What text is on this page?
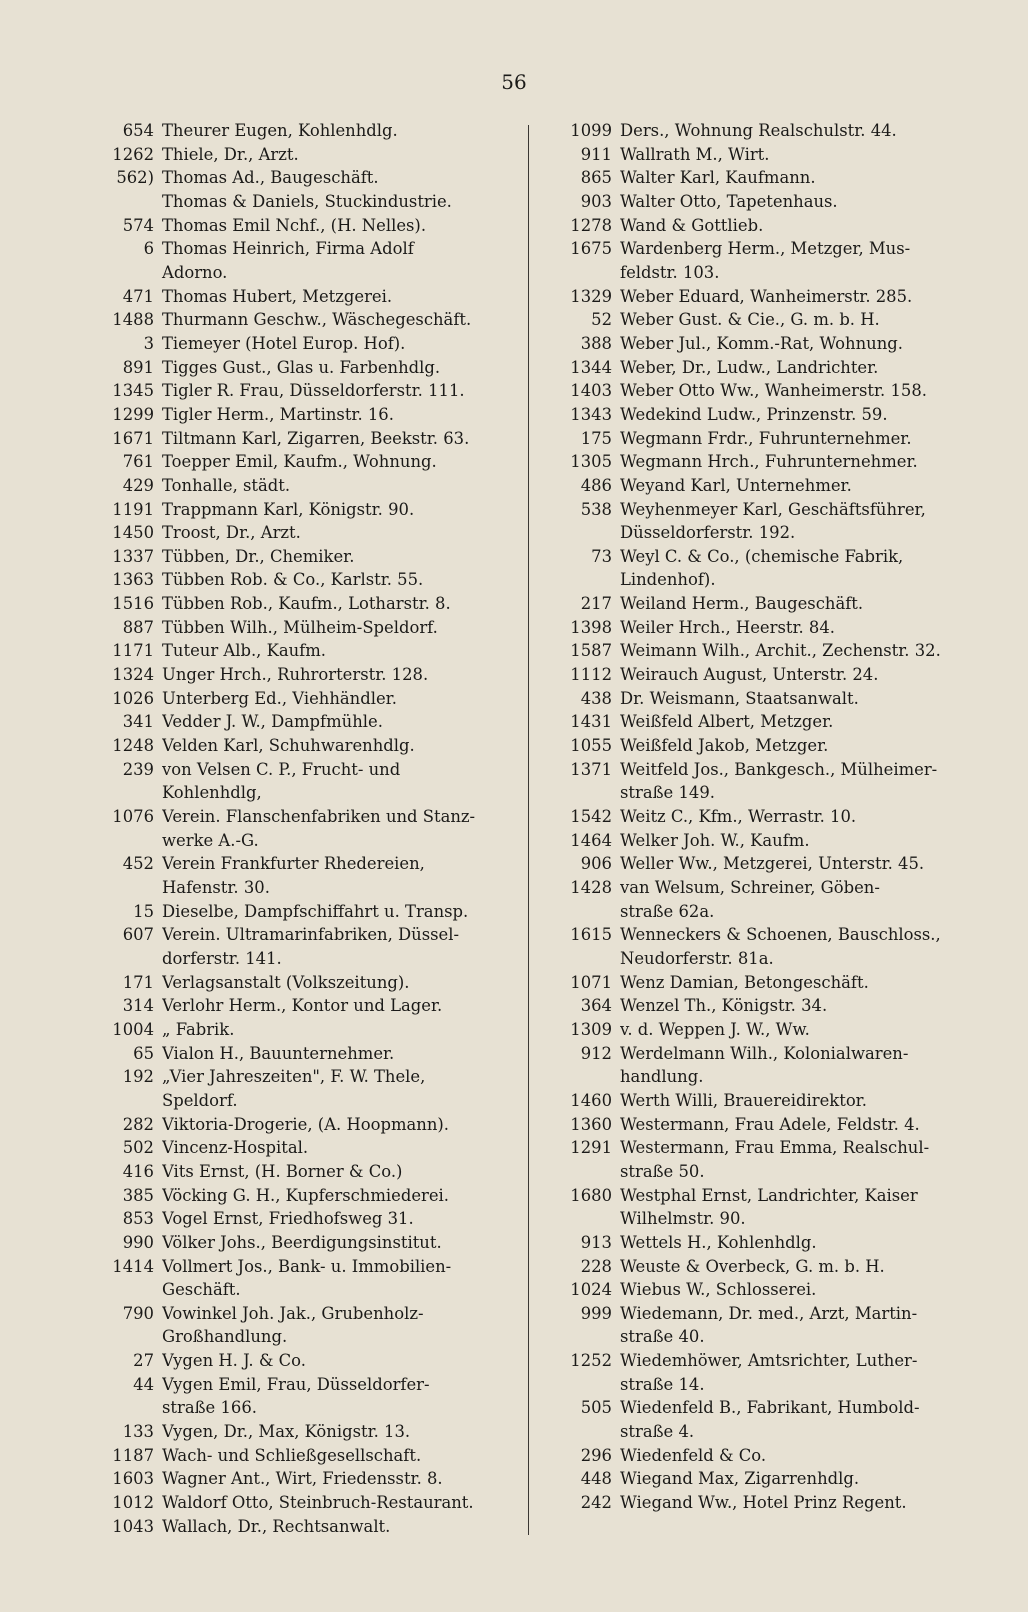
56
654 Theurer Eugen, Kohlenhdlg.
1262 Thiele, Dr., Arzt.
562) Thomas Ad., Baugeschäft.
Thomas & Daniels, Stuckindustrie.
574 Thomas Emil Nchf., (H. Nelles).
6 Thomas Heinrich, Firma Adolf
Adorno.
471 Thomas Hubert, Metzgerei.
1488 Thurmann Geschw., Wäschegeschäft.
3 Tiemeyer (Hotel Europ. Hof).
891 Tigges Gust., Glas u. Farbenhdlg.
1345 Tigler R. Frau, Düsseldorferstr. 111.
1299 Tigler Herm., Martinstr. 16.
1671 Tiltmann Karl, Zigarren, Beekstr. 63.
761 Toepper Emil, Kaufm., Wohnung.
429 Tonhalle, städt.
1191 Trappmann Karl, Königstr. 90.
1450 Troost, Dr., Arzt.
1337 Tübben, Dr., Chemiker.
1363 Tübben Rob. & Co., Karlstr. 55.
1516 Tübben Rob., Kaufm., Lotharstr. 8.
887 Tübben Wilh., Mülheim-Speldorf.
1171 Tuteur Alb., Kaufm.
1324 Unger Hrch., Ruhrorterstr. 128.
1026 Unterberg Ed., Viehhändler.
341 Vedder J. W., Dampfmühle.
1248 Velden Karl, Schuhwarenhdlg.
239 von Velsen C. P., Frucht- und
Kohlenhdlg,
1076 Verein. Flanschenfabriken und Stanz-
werke A.-G.
452 Verein Frankfurter Rhedereien,
Hafenstr. 30.
15 Dieselbe, Dampfschiffahrt u. Transp.
607 Verein. Ultramarinfabriken, Düssel-
dorferstr. 141.
171 Verlagsanstalt (Volkszeitung).
314 Verlohr Herm., Kontor und Lager.
1004 „ Fabrik.
65 Vialon H., Bauunternehmer.
192 „Vier Jahreszeiten", F. W. Thele,
Speldorf.
282 Viktoria-Drogerie, (A. Hoopmann).
502 Vincenz-Hospital.
416 Vits Ernst, (H. Borner & Co.)
385 Vöcking G. H., Kupferschmiederei.
853 Vogel Ernst, Friedhofsweg 31.
990 Völker Johs., Beerdigungsinstitut.
1414 Vollmert Jos., Bank- u. Immobilien-
Geschäft.
790 Vowinkel Joh. Jak., Grubenholz-
Großhandlung.
27 Vygen H. J. & Co.
44 Vygen Emil, Frau, Düsseldorfer-
straße 166.
133 Vygen, Dr., Max, Königstr. 13.
1187 Wach- und Schließgesellschaft.
1603 Wagner Ant., Wirt, Friedensstr. 8.
1012 Waldorf Otto, Steinbruch-Restaurant.
1043 Wallach, Dr., Rechtsanwalt.
1099 Ders., Wohnung Realschulstr. 44.
911 Wallrath M., Wirt.
865 Walter Karl, Kaufmann.
903 Walter Otto, Tapetenhaus.
1278 Wand & Gottlieb.
1675 Wardenberg Herm., Metzger, Mus-
feldstr. 103.
1329 Weber Eduard, Wanheimerstr. 285.
52 Weber Gust. & Cie., G. m. b. H.
388 Weber Jul., Komm.-Rat, Wohnung.
1344 Weber, Dr., Ludw., Landrichter.
1403 Weber Otto Ww., Wanheimerstr. 158.
1343 Wedekind Ludw., Prinzenstr. 59.
175 Wegmann Frdr., Fuhrunternehmer.
1305 Wegmann Hrch., Fuhrunternehmer.
486 Weyand Karl, Unternehmer.
538 Weyhenmeyer Karl, Geschäftsführer,
Düsseldorferstr. 192.
73 Weyl C. & Co., (chemische Fabrik,
Lindenhof).
217 Weiland Herm., Baugeschäft.
1398 Weiler Hrch., Heerstr. 84.
1587 Weimann Wilh., Archit., Zechenstr. 32.
1112 Weirauch August, Unterstr. 24.
438 Dr. Weismann, Staatsanwalt.
1431 Weißfeld Albert, Metzger.
1055 Weißfeld Jakob, Metzger.
1371 Weitfeld Jos., Bankgesch., Mülheimer-
straße 149.
1542 Weitz C., Kfm., Werrastr. 10.
1464 Welker Joh. W., Kaufm.
906 Weller Ww., Metzgerei, Unterstr. 45.
1428 van Welsum, Schreiner, Göben-
straße 62a.
1615 Wenneckers & Schoenen, Bauschloss.,
Neudorferstr. 81a.
1071 Wenz Damian, Betongeschäft.
364 Wenzel Th., Königstr. 34.
1309 v. d. Weppen J. W., Ww.
912 Werdelmann Wilh., Kolonialwaren-
handlung.
1460 Werth Willi, Brauereidirektor.
1360 Westermann, Frau Adele, Feldstr. 4.
1291 Westermann, Frau Emma, Realschul-
straße 50.
1680 Westphal Ernst, Landrichter, Kaiser
Wilhelmstr. 90.
913 Wettels H., Kohlenhdlg.
228 Weuste & Overbeck, G. m. b. H.
1024 Wiebus W., Schlosserei.
999 Wiedemann, Dr. med., Arzt, Martin-
straße 40.
1252 Wiedemhöwer, Amtsrichter, Luther-
straße 14.
505 Wiedenfeld B., Fabrikant, Humbold-
straße 4.
296 Wiedenfeld & Co.
448 Wiegand Max, Zigarrenhdlg.
242 Wiegand Ww., Hotel Prinz Regent.
